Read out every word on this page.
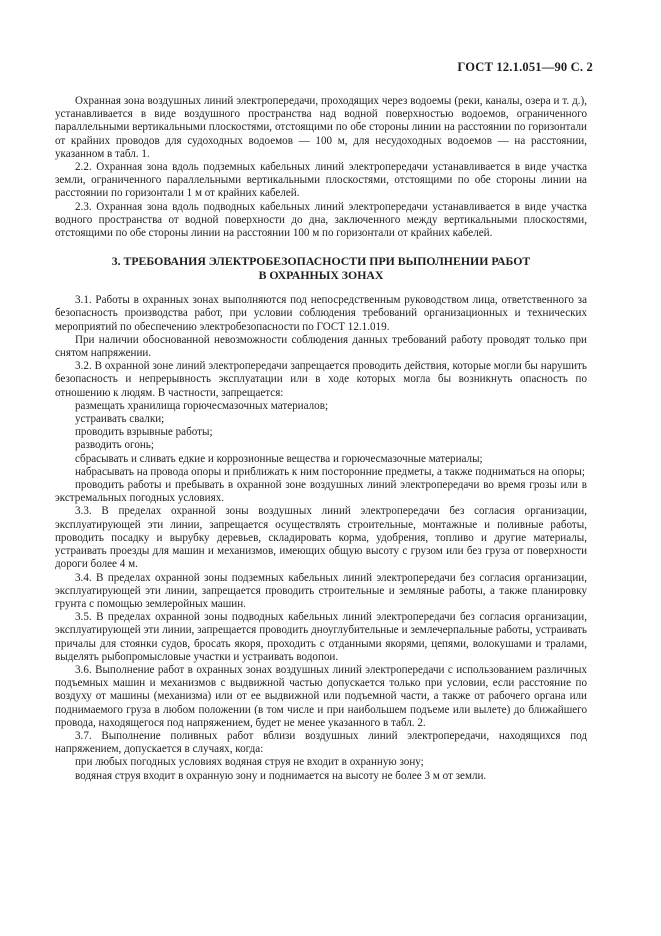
ГОСТ 12.1.051—90 С. 2

Охранная зона воздушных линий электропередачи, проходящих через водоемы (реки, каналы, озера и т. д.), устанавливается в виде воздушного пространства над водной поверхностью водоемов, ограниченного параллельными вертикальными плоскостями, отстоящими по обе стороны линии на расстоянии по горизонтали от крайних проводов для судоходных водоемов — 100 м, для несудоходных водоемов — на расстоянии, указанном в табл. 1.

2.2. Охранная зона вдоль подземных кабельных линий электропередачи устанавливается в виде участка земли, ограниченного параллельными вертикальными плоскостями, отстоящими по обе стороны линии на расстоянии по горизонтали 1 м от крайних кабелей.

2.3. Охранная зона вдоль подводных кабельных линий электропередачи устанавливается в виде участка водного пространства от водной поверхности до дна, заключенного между вертикальными плоскостями, отстоящими по обе стороны линии на расстоянии 100 м по горизонтали от крайних кабелей.

3. ТРЕБОВАНИЯ ЭЛЕКТРОБЕЗОПАСНОСТИ ПРИ ВЫПОЛНЕНИИ РАБОТ
В ОХРАННЫХ ЗОНАХ

3.1. Работы в охранных зонах выполняются под непосредственным руководством лица, ответственного за безопасность производства работ, при условии соблюдения требований организационных и технических мероприятий по обеспечению электробезопасности по ГОСТ 12.1.019.

При наличии обоснованной невозможности соблюдения данных требований работу проводят только при снятом напряжении.

3.2. В охранной зоне линий электропередачи запрещается проводить действия, которые могли бы нарушить безопасность и непрерывность эксплуатации или в ходе которых могла бы возникнуть опасность по отношению к людям. В частности, запрещается:

размещать хранилища горючесмазочных материалов;

устраивать свалки;

проводить взрывные работы;

разводить огонь;

сбрасывать и сливать едкие и коррозионные вещества и горючесмазочные материалы;

набрасывать на провода опоры и приближать к ним посторонние предметы, а также подниматься на опоры;

проводить работы и пребывать в охранной зоне воздушных линий электропередачи во время грозы или в экстремальных погодных условиях.

3.3. В пределах охранной зоны воздушных линий электропередачи без согласия организации, эксплуатирующей эти линии, запрещается осуществлять строительные, монтажные и поливные работы, проводить посадку и вырубку деревьев, складировать корма, удобрения, топливо и другие материалы, устраивать проезды для машин и механизмов, имеющих общую высоту с грузом или без груза от поверхности дороги более 4 м.

3.4. В пределах охранной зоны подземных кабельных линий электропередачи без согласия организации, эксплуатирующей эти линии, запрещается проводить строительные и земляные работы, а также планировку грунта с помощью землеройных машин.

3.5. В пределах охранной зоны подводных кабельных линий электропередачи без согласия организации, эксплуатирующей эти линии, запрещается проводить дноуглубительные и землечерпальные работы, устраивать причалы для стоянки судов, бросать якоря, проходить с отданными якорями, цепями, волокушами и тралами, выделять рыбопромысловые участки и устраивать водопои.

3.6. Выполнение работ в охранных зонах воздушных линий электропередачи с использованием различных подъемных машин и механизмов с выдвижной частью допускается только при условии, если расстояние по воздуху от машины (механизма) или от ее выдвижной или подъемной части, а также от рабочего органа или поднимаемого груза в любом положении (в том числе и при наибольшем подъеме или вылете) до ближайшего провода, находящегося под напряжением, будет не менее указанного в табл. 2.

3.7. Выполнение поливных работ вблизи воздушных линий электропередачи, находящихся под напряжением, допускается в случаях, когда:

при любых погодных условиях водяная струя не входит в охранную зону;

водяная струя входит в охранную зону и поднимается на высоту не более 3 м от земли.
